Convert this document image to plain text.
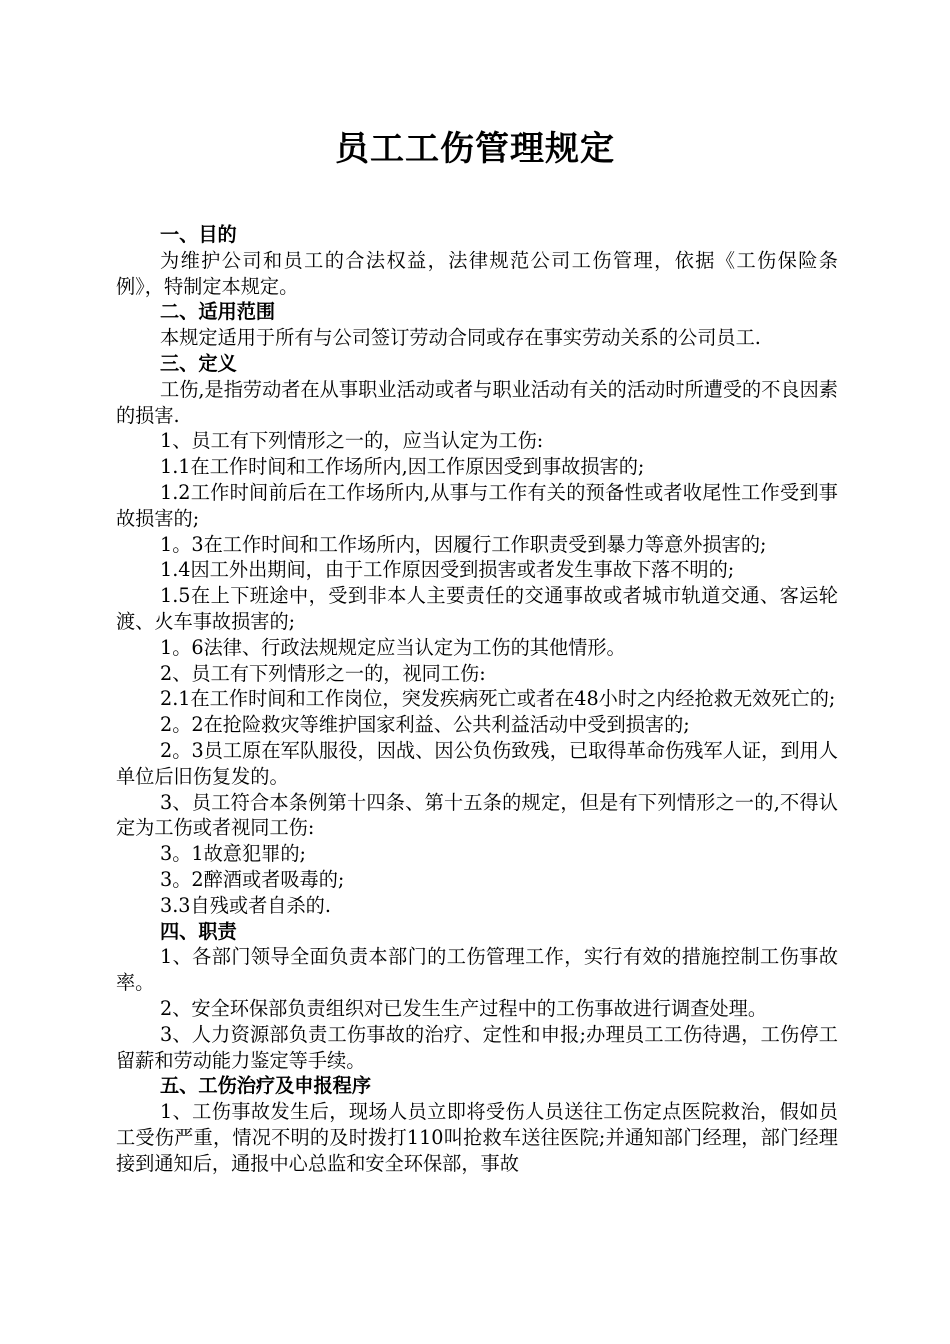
员工工伤管理规定

一、目的

为维护公司和员工的合法权益，法律规范公司工伤管理，依据《工伤保险条例》，特制定本规定。

二、适用范围

本规定适用于所有与公司签订劳动合同或存在事实劳动关系的公司员工.

三、定义

工伤,是指劳动者在从事职业活动或者与职业活动有关的活动时所遭受的不良因素的损害.

1、员工有下列情形之一的，应当认定为工伤:

1.1在工作时间和工作场所内,因工作原因受到事故损害的;

1.2工作时间前后在工作场所内,从事与工作有关的预备性或者收尾性工作受到事故损害的;

1。3在工作时间和工作场所内，因履行工作职责受到暴力等意外损害的;

1.4因工外出期间，由于工作原因受到损害或者发生事故下落不明的;

1.5在上下班途中，受到非本人主要责任的交通事故或者城市轨道交通、客运轮渡、火车事故损害的;

1。6法律、行政法规规定应当认定为工伤的其他情形。

2、员工有下列情形之一的，视同工伤:

2.1在工作时间和工作岗位，突发疾病死亡或者在48小时之内经抢救无效死亡的;

2。2在抢险救灾等维护国家利益、公共利益活动中受到损害的;

2。3员工原在军队服役，因战、因公负伤致残，已取得革命伤残军人证，到用人单位后旧伤复发的。

3、员工符合本条例第十四条、第十五条的规定，但是有下列情形之一的,不得认定为工伤或者视同工伤:

3。1故意犯罪的;

3。2醉酒或者吸毒的;

3.3自残或者自杀的.

四、职责

1、各部门领导全面负责本部门的工伤管理工作，实行有效的措施控制工伤事故率。

2、安全环保部负责组织对已发生生产过程中的工伤事故进行调查处理。

3、人力资源部负责工伤事故的治疗、定性和申报;办理员工工伤待遇，工伤停工留薪和劳动能力鉴定等手续。

五、工伤治疗及申报程序

1、工伤事故发生后，现场人员立即将受伤人员送往工伤定点医院救治，假如员工受伤严重，情况不明的及时拨打110叫抢救车送往医院;并通知部门经理，部门经理接到通知后，通报中心总监和安全环保部，事故
